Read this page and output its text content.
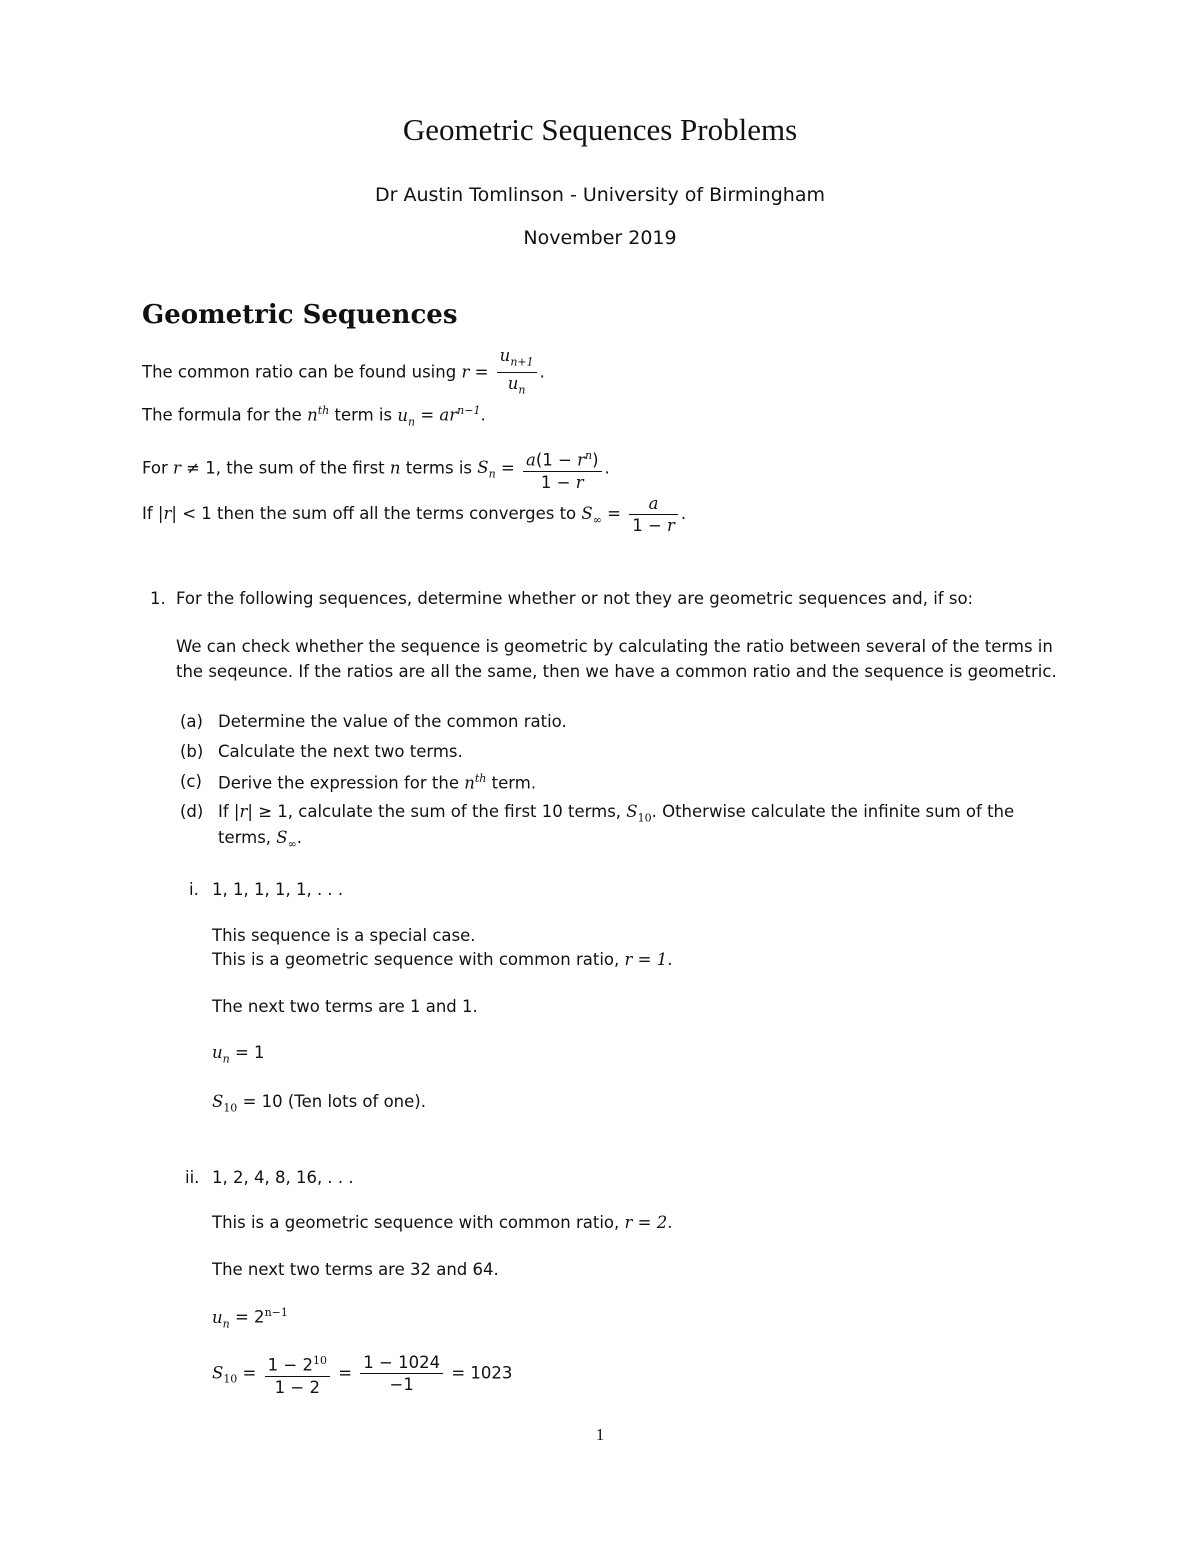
Geometric Sequences Problems
Dr Austin Tomlinson - University of Birmingham
November 2019
Geometric Sequences
The common ratio can be found using $r = \frac{u_{n+1}}{u_n}$ .
The formula for the $n^{th}$ term is $u_n = ar^{n-1}$.
For r ≠ 1, the sum of the first n terms is $S_n = \frac{a(1 - r^n)}{1 - r}$ .
If |r| < 1 then the sum off all the terms converges to $S_\infty = \frac{a}{1 - r}$ .
1. For the following sequences, determine whether or not they are geometric sequences and, if so:
We can check whether the sequence is geometric by calculating the ratio between several of the terms in the seqeunce. If the ratios are all the same, then we have a common ratio and the sequence is geometric.
(a) Determine the value of the common ratio.
(b) Calculate the next two terms.
(c) Derive the expression for the $n^{th}$ term.
(d) If |r| ≥ 1, calculate the sum of the first 10 terms, $S_{10}$. Otherwise calculate the infinite sum of the
terms, $S_\infty$.
i. 1, 1, 1, 1, 1, . . .
This sequence is a special case.
This is a geometric sequence with common ratio, r = 1.
The next two terms are 1 and 1.
$u_n = 1$
$S_{10} = 10$ (Ten lots of one).
ii. 1, 2, 4, 8, 16, . . .
This is a geometric sequence with common ratio, r = 2.
The next two terms are 32 and 64.
$u_n = 2^{n-1}$
$S_{10} = \frac{1 - 2^{10}}{1 - 2} = \frac{1 - 1024}{-1} = 1023$
1
